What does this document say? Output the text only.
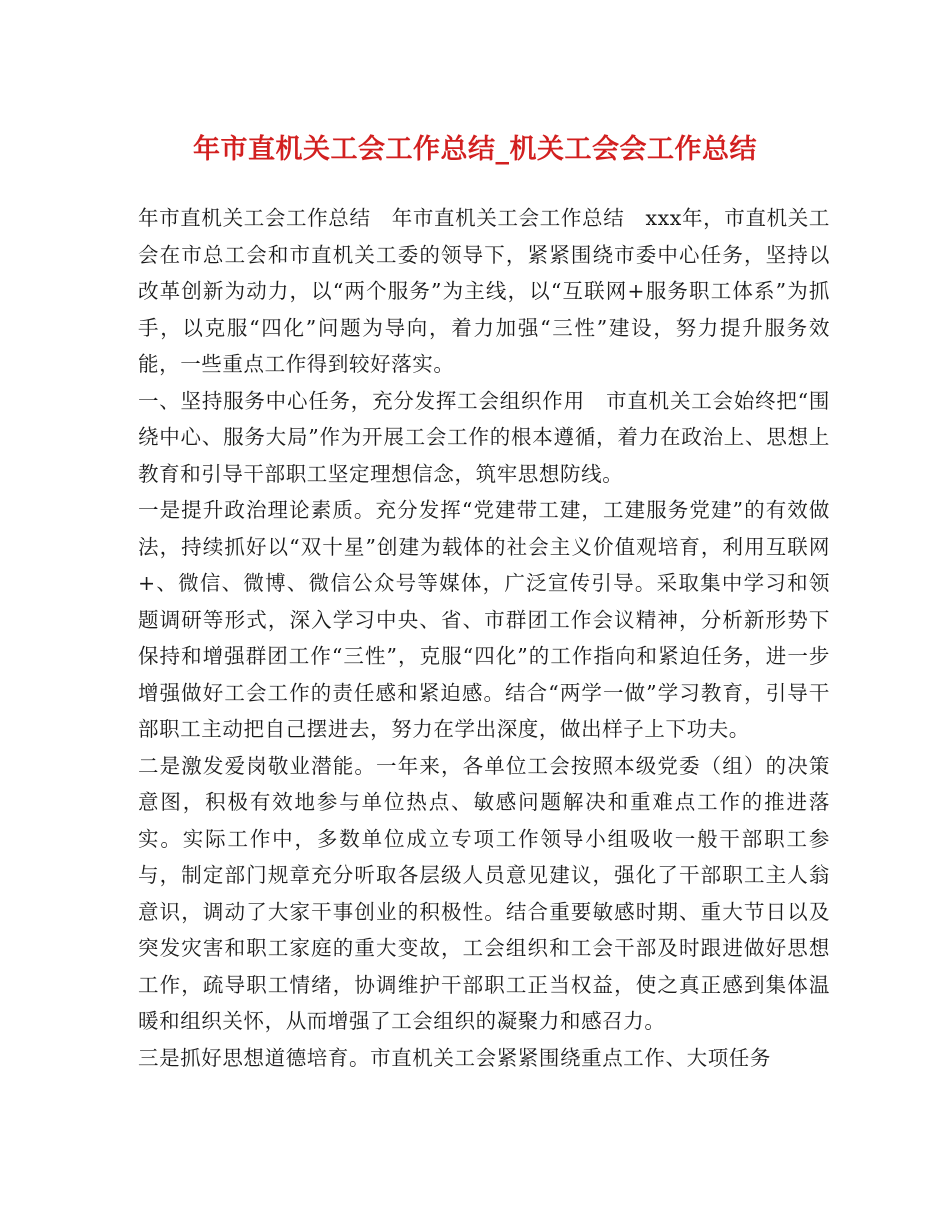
年市直机关工会工作总结_机关工会会工作总结

年市直机关工会工作总结　年市直机关工会工作总结　xxx年，市直机关工会在市总工会和市直机关工委的领导下，紧紧围绕市委中心任务，坚持以改革创新为动力，以“两个服务”为主线，以“互联网+服务职工体系”为抓手，以克服“四化”问题为导向，着力加强“三性”建设，努力提升服务效能，一些重点工作得到较好落实。

一、坚持服务中心任务，充分发挥工会组织作用　市直机关工会始终把“围绕中心、服务大局”作为开展工会工作的根本遵循，着力在政治上、思想上教育和引导干部职工坚定理想信念，筑牢思想防线。

一是提升政治理论素质。充分发挥“党建带工建，工建服务党建”的有效做法，持续抓好以“双十星”创建为载体的社会主义价值观培育，利用互联网+、微信、微博、微信公众号等媒体，广泛宣传引导。采取集中学习和领题调研等形式，深入学习中央、省、市群团工作会议精神，分析新形势下保持和增强群团工作“三性”，克服“四化”的工作指向和紧迫任务，进一步增强做好工会工作的责任感和紧迫感。结合“两学一做”学习教育，引导干部职工主动把自己摆进去，努力在学出深度，做出样子上下功夫。

二是激发爱岗敬业潜能。一年来，各单位工会按照本级党委（组）的决策意图，积极有效地参与单位热点、敏感问题解决和重难点工作的推进落实。实际工作中，多数单位成立专项工作领导小组吸收一般干部职工参与，制定部门规章充分听取各层级人员意见建议，强化了干部职工主人翁意识，调动了大家干事创业的积极性。结合重要敏感时期、重大节日以及突发灾害和职工家庭的重大变故，工会组织和工会干部及时跟进做好思想工作，疏导职工情绪，协调维护干部职工正当权益，使之真正感到集体温暖和组织关怀，从而增强了工会组织的凝聚力和感召力。

三是抓好思想道德培育。市直机关工会紧紧围绕重点工作、大项任务
